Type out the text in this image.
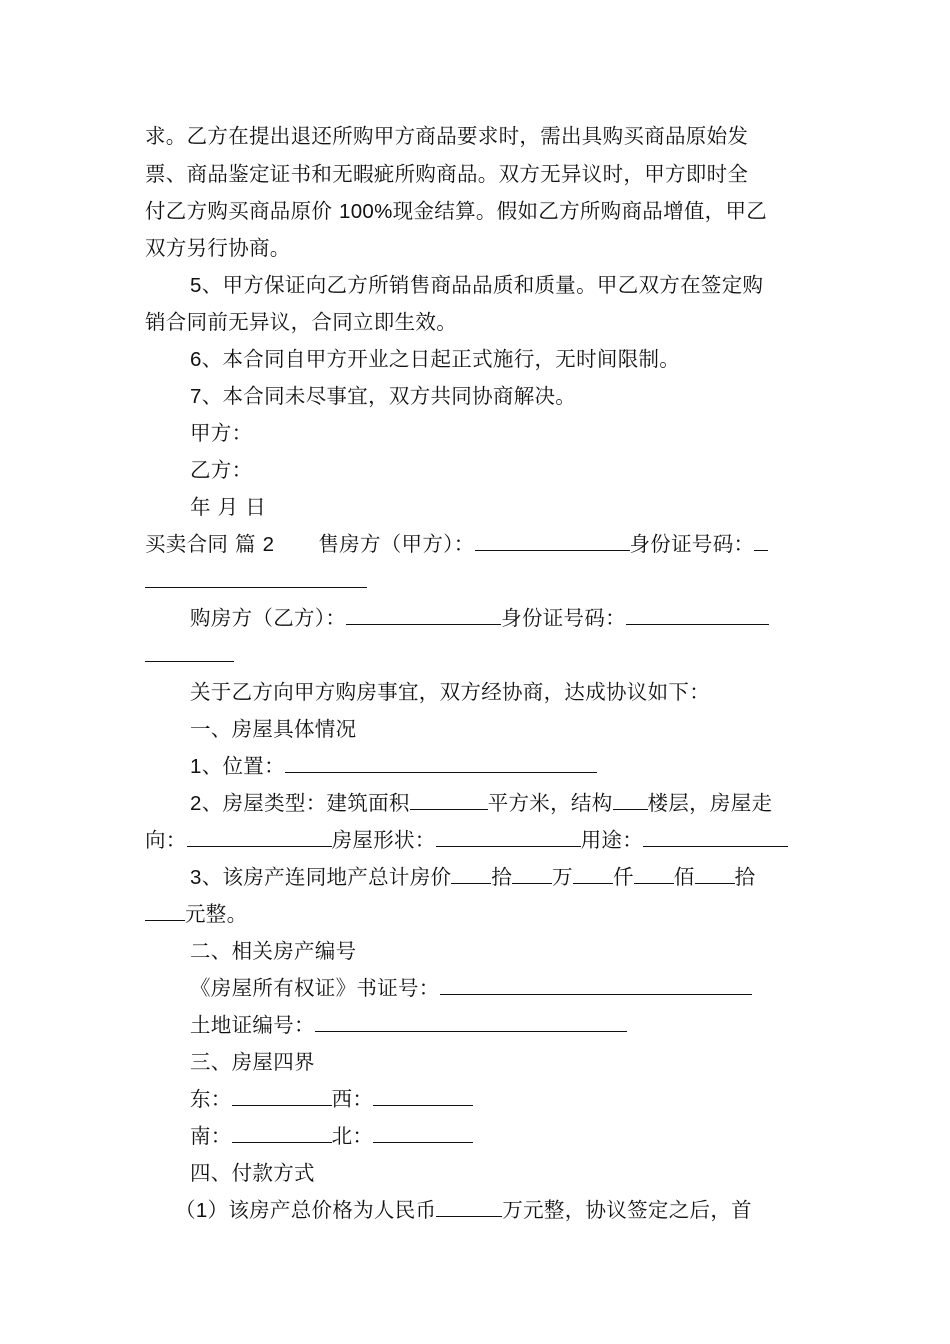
求。乙方在提出退还所购甲方商品要求时，需出具购买商品原始发
票、商品鉴定证书和无暇疵所购商品。双方无异议时，甲方即时全
付乙方购买商品原价 100%现金结算。假如乙方所购商品增值，甲乙
双方另行协商。
5、甲方保证向乙方所销售商品品质和质量。甲乙双方在签定购
销合同前无异议，合同立即生效。
6、本合同自甲方开业之日起正式施行，无时间限制。
7、本合同未尽事宜，双方共同协商解决。
甲方：
乙方：
年 月 日
买卖合同 篇 2 售房方（甲方）：	身份证号码：
购房方（乙方）：	身份证号码：
关于乙方向甲方购房事宜，双方经协商，达成协议如下：
一、房屋具体情况
1、位置：
2、房屋类型：建筑面积	平方米，结构 楼层，房屋走
向：	房屋形状：	用途：
3、该房产连同地产总计房价 拾 万 仟 佰 拾
元整。
二、相关房产编号
《房屋所有权证》书证号：
土地证编号：
三、房屋四界
东：	西：
南：	北：
四、付款方式
（1）该房产总价格为人民币	万元整，协议签定之后，首
